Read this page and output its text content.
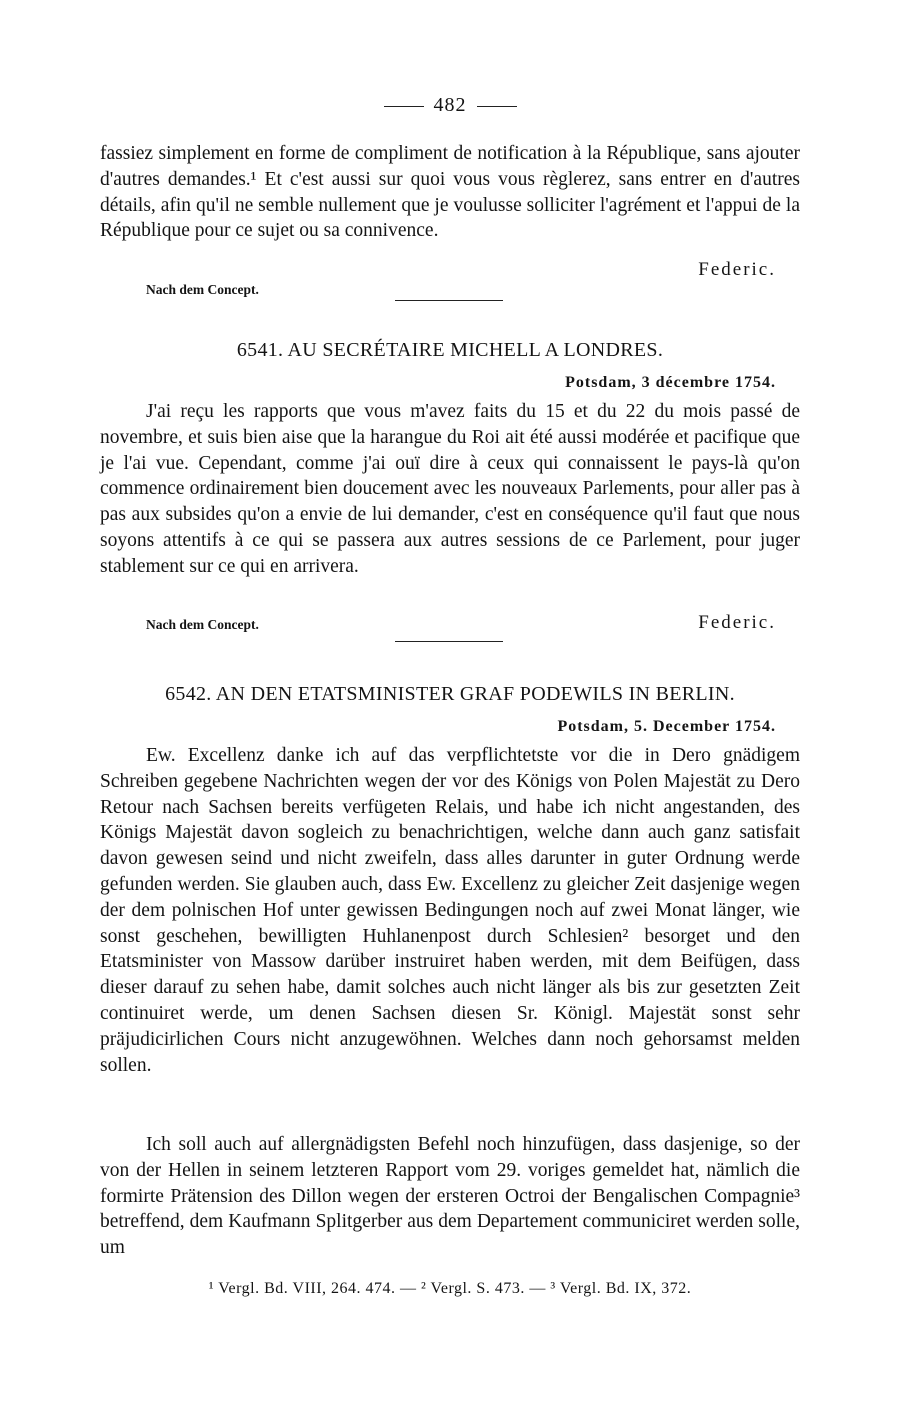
482
fassiez simplement en forme de compliment de notification à la République, sans ajouter d'autres demandes.¹ Et c'est aussi sur quoi vous vous règlerez, sans entrer en d'autres détails, afin qu'il ne semble nullement que je voulusse solliciter l'agrément et l'appui de la République pour ce sujet ou sa connivence.
Federic.
Nach dem Concept.
6541. AU SECRÉTAIRE MICHELL A LONDRES.
Potsdam, 3 décembre 1754.
J'ai reçu les rapports que vous m'avez faits du 15 et du 22 du mois passé de novembre, et suis bien aise que la harangue du Roi ait été aussi modérée et pacifique que je l'ai vue. Cependant, comme j'ai ouï dire à ceux qui connaissent le pays-là qu'on commence ordinairement bien doucement avec les nouveaux Parlements, pour aller pas à pas aux subsides qu'on a envie de lui demander, c'est en conséquence qu'il faut que nous soyons attentifs à ce qui se passera aux autres sessions de ce Parlement, pour juger stablement sur ce qui en arrivera.
Nach dem Concept.	Federic.
6542. AN DEN ETATSMINISTER GRAF PODEWILS IN BERLIN.
Potsdam, 5. December 1754.
Ew. Excellenz danke ich auf das verpflichtetste vor die in Dero gnädigem Schreiben gegebene Nachrichten wegen der vor des Königs von Polen Majestät zu Dero Retour nach Sachsen bereits verfügeten Relais, und habe ich nicht angestanden, des Königs Majestät davon sogleich zu benachrichtigen, welche dann auch ganz satisfait davon gewesen seind und nicht zweifeln, dass alles darunter in guter Ordnung werde gefunden werden. Sie glauben auch, dass Ew. Excellenz zu gleicher Zeit dasjenige wegen der dem polnischen Hof unter gewissen Bedingungen noch auf zwei Monat länger, wie sonst geschehen, bewilligten Huhlanenpost durch Schlesien² besorget und den Etatsminister von Massow darüber instruiret haben werden, mit dem Beifügen, dass dieser darauf zu sehen habe, damit solches auch nicht länger als bis zur gesetzten Zeit continuiret werde, um denen Sachsen diesen Sr. Königl. Majestät sonst sehr präjudicirlichen Cours nicht anzugewöhnen. Welches dann noch gehorsamst melden sollen.
Ich soll auch auf allergnädigsten Befehl noch hinzufügen, dass dasjenige, so der von der Hellen in seinem letzteren Rapport vom 29. voriges gemeldet hat, nämlich die formirte Prätension des Dillon wegen der ersteren Octroi der Bengalischen Compagnie³ betreffend, dem Kaufmann Splitgerber aus dem Departement communiciret werden solle, um
¹ Vergl. Bd. VIII, 264. 474. — ² Vergl. S. 473. — ³ Vergl. Bd. IX, 372.
